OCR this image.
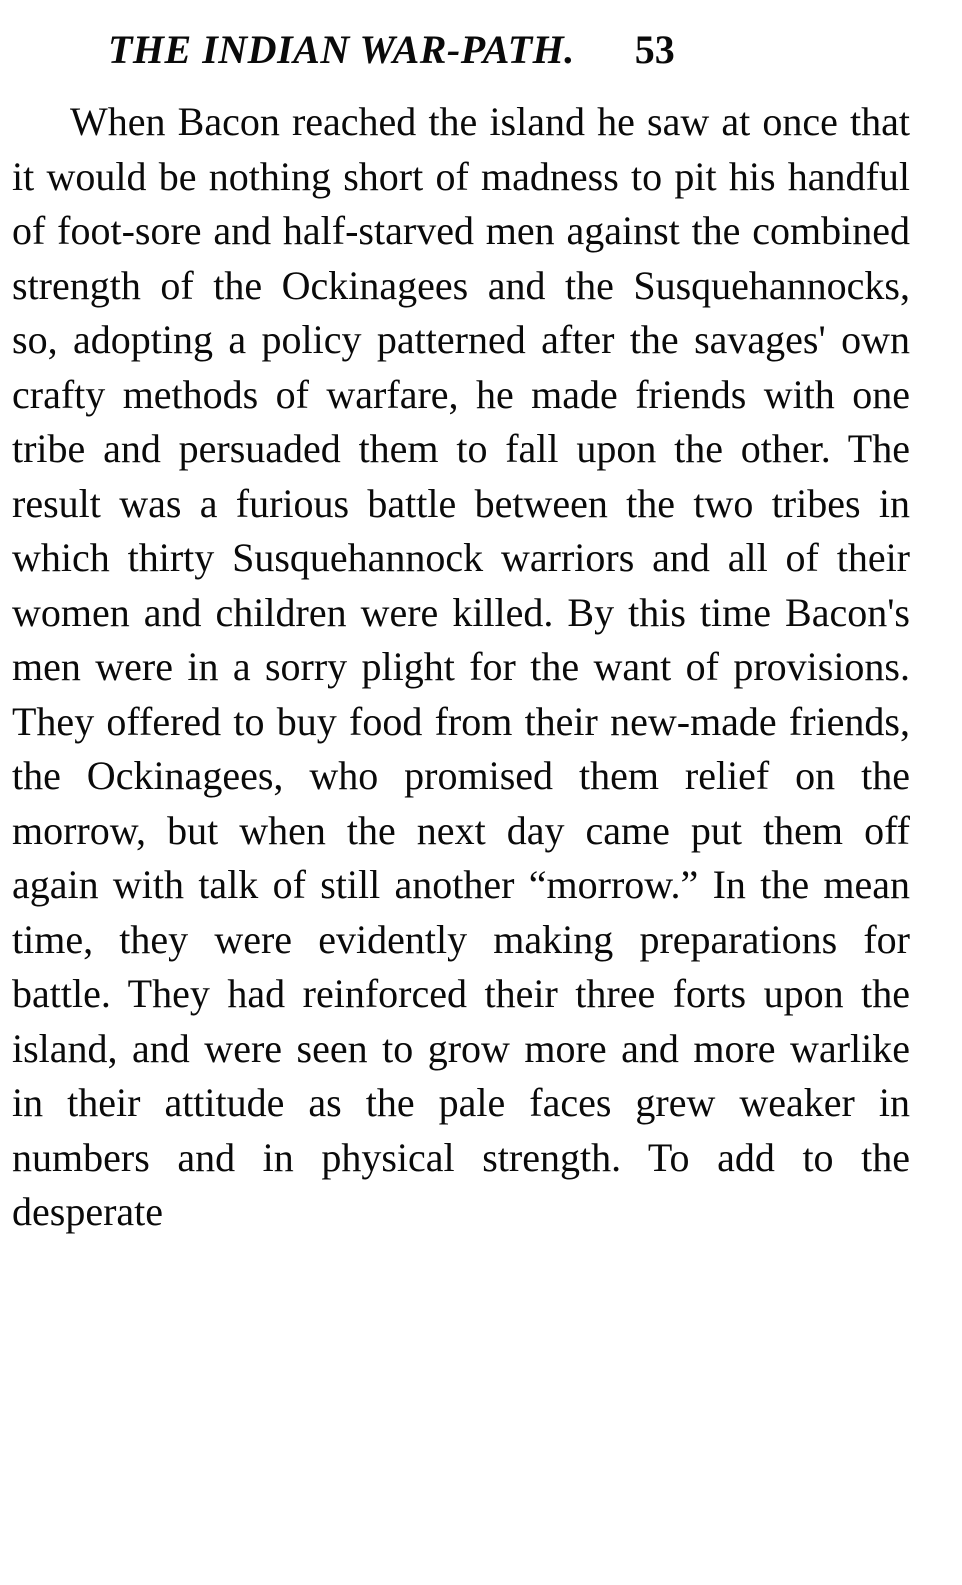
THE INDIAN WAR-PATH. 53

When Bacon reached the island he saw at once that it would be nothing short of madness to pit his handful of foot-sore and half-starved men against the combined strength of the Ockinagees and the Susquehannocks, so, adopting a policy patterned after the savages' own crafty methods of warfare, he made friends with one tribe and persuaded them to fall upon the other. The result was a furious battle between the two tribes in which thirty Susquehannock warriors and all of their women and children were killed. By this time Bacon's men were in a sorry plight for the want of provisions. They offered to buy food from their new-made friends, the Ockinagees, who promised them relief on the morrow, but when the next day came put them off again with talk of still another “morrow.” In the mean time, they were evidently making preparations for battle. They had reinforced their three forts upon the island, and were seen to grow more and more warlike in their attitude as the pale faces grew weaker in numbers and in physical strength. To add to the desperate
